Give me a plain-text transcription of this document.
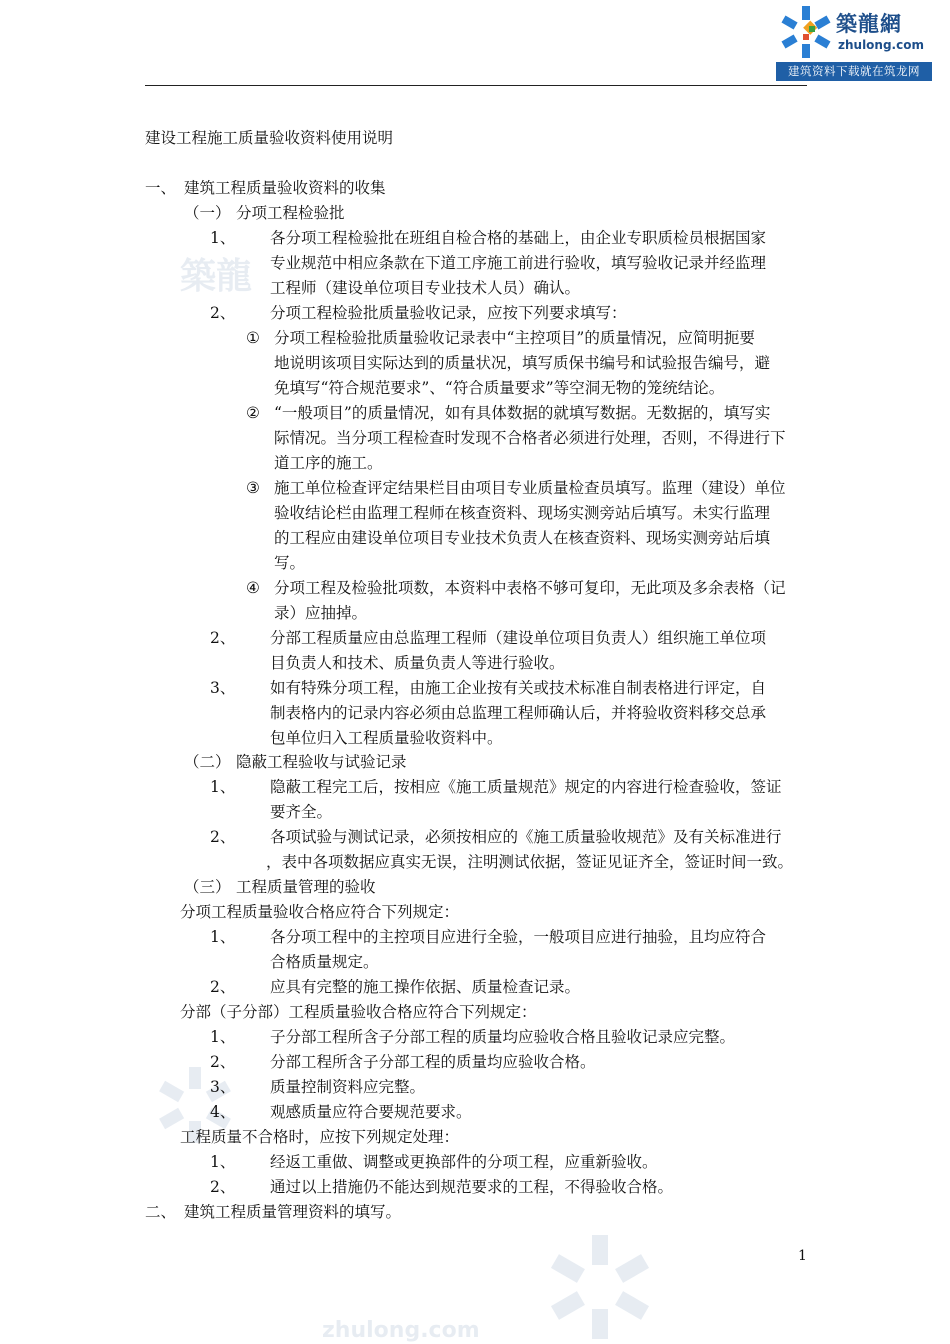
築龍網
zhulong.com
建筑资料下载就在筑龙网
築龍
zhulong.com
建设工程施工质量验收资料使用说明
一、 建筑工程质量验收资料的收集
（一） 分项工程检验批
1、 各分项工程检验批在班组自检合格的基础上，由企业专职质检员根据国家
专业规范中相应条款在下道工序施工前进行验收，填写验收记录并经监理
工程师（建设单位项目专业技术人员）确认。
2、 分项工程检验批质量验收记录，应按下列要求填写：
① 分项工程检验批质量验收记录表中“主控项目”的质量情况，应简明扼要
地说明该项目实际达到的质量状况，填写质保书编号和试验报告编号，避
免填写“符合规范要求”、“符合质量要求”等空洞无物的笼统结论。
② “一般项目”的质量情况，如有具体数据的就填写数据。无数据的，填写实
际情况。当分项工程检查时发现不合格者必须进行处理，否则，不得进行下
道工序的施工。
③ 施工单位检查评定结果栏目由项目专业质量检查员填写。监理（建设）单位
验收结论栏由监理工程师在核查资料、现场实测旁站后填写。未实行监理
的工程应由建设单位项目专业技术负责人在核查资料、现场实测旁站后填
写。
④ 分项工程及检验批项数，本资料中表格不够可复印，无此项及多余表格（记
录）应抽掉。
2、 分部工程质量应由总监理工程师（建设单位项目负责人）组织施工单位项
目负责人和技术、质量负责人等进行验收。
3、 如有特殊分项工程，由施工企业按有关或技术标准自制表格进行评定，自
制表格内的记录内容必须由总监理工程师确认后，并将验收资料移交总承
包单位归入工程质量验收资料中。
（二） 隐蔽工程验收与试验记录
1、 隐蔽工程完工后，按相应《施工质量规范》规定的内容进行检查验收，签证
要齐全。
2、 各项试验与测试记录，必须按相应的《施工质量验收规范》及有关标准进行
，表中各项数据应真实无误，注明测试依据，签证见证齐全，签证时间一致。
（三） 工程质量管理的验收
分项工程质量验收合格应符合下列规定：
1、 各分项工程中的主控项目应进行全验，一般项目应进行抽验，且均应符合
合格质量规定。
2、 应具有完整的施工操作依据、质量检查记录。
分部（子分部）工程质量验收合格应符合下列规定：
1、 子分部工程所含子分部工程的质量均应验收合格且验收记录应完整。
2、 分部工程所含子分部工程的质量均应验收合格。
3、 质量控制资料应完整。
4、 观感质量应符合要规范要求。
工程质量不合格时，应按下列规定处理：
1、 经返工重做、调整或更换部件的分项工程，应重新验收。
2、 通过以上措施仍不能达到规范要求的工程，不得验收合格。
二、 建筑工程质量管理资料的填写。
1
